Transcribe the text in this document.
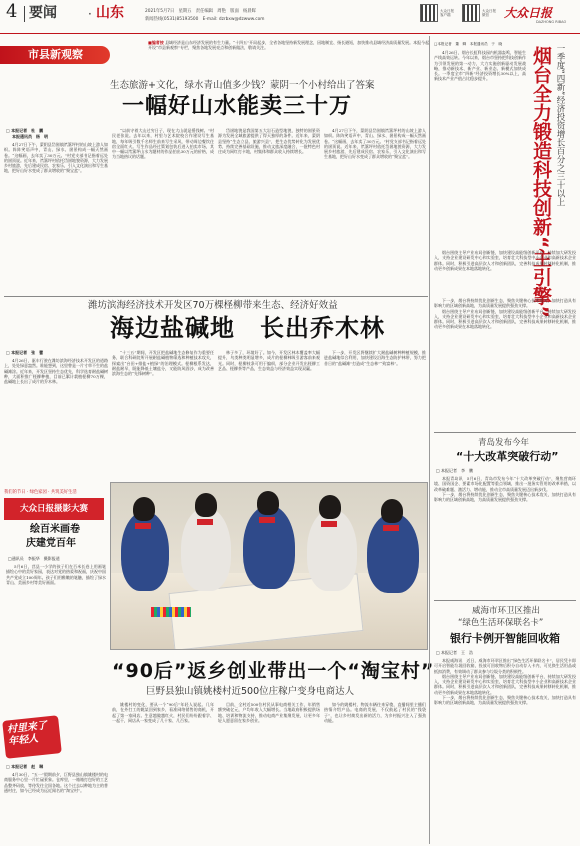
4 要闻	· 山东	2021年5月7日　星期五　责任编辑　周艳　版面　杨晨晖
新闻热线(0531)85193500　E-mail: dzrbxw@dzwww.com
大众日报
客户端
大众日报
微信	大众日报
DAZHONG RIBAO
市县新观察
■编者按 县域经济是山东经济发展的有生力量。“十四五”开局起步，全省各地坚持新发展理念，因地制宜、扬长避短，加快推动县域经济高质量发展。本报今起开设“市县新观察”专栏，聚焦各地发展亮点和创新做法，敬请关注。
生态旅游+文化，绿水青山值多少钱？蒙阴一个小村给出了答案
一幅好山水能卖三十万
□ 本报记者　杜　鹏
本报通讯员　杨　明

4月27日下午，蒙阴县岱崮镇笊篱坪村的山坡上游人如织。阵阵笑语声中，青山、绿水、崮景构成一幅天然画卷。“这幅画，去年卖了30万元。”村党支部书记指着远处的崮顶说。近年来，笊篱坪村依托岱崮地貌资源，大力发展乡村旅游，先后建成民宿、农家乐，引入文化演出和写生基地，把好山好水变成了群众增收的“聚宝盆”。

“以前守着大山过穷日子，现在大山就是摇钱树。”村民老张说。去年以来，村里与艺术院校合作建设写生基地，每年吸引数千名师生前来写生采风，带动周边餐饮住宿全面红火。写生作品经过策划包装后进入拍卖市场，其中一幅以笊篱坪山水为题材的作品拍出30万元的价格，成为当地热议的话题。

岱崮地貌是我国第五大岩石造型地貌，独特的崮景资源为发展全域旅游提供了得天独厚的条件。近年来，蒙阴县坚持“生态立县、旅游兴县”，把生态优势转化为发展优势，持续完善基础设施，推动文旅深度融合，一批特色村庄成为网红打卡地，村集体和群众收入持续增长。

4月27日下午，蒙阴县岱崮镇笊篱坪村的山坡上游人如织。阵阵笑语声中，青山、绿水、崮景构成一幅天然画卷。“这幅画，去年卖了30万元。”村党支部书记指着远处的崮顶说。近年来，笊篱坪村依托岱崮地貌资源，大力发展乡村旅游，先后建成民宿、农家乐，引入文化演出和写生基地，把好山好水变成了群众增收的“聚宝盆”。

潍坊滨海经济技术开发区70万棵柽柳带来生态、经济好效益
海边盐碱地　长出乔木林
□ 本报记者　张　蕾

4月26日，驱车行驶在潍坊滨海经济技术开发区的道路上，处处绿意盎然。谁能想到，这里曾是一片寸草不生的盐碱滩涂。近年来，开发区坚持生态优先，科学选育耐盐碱树种，大面积推广柽柳种植，目前已累计栽植柽柳70万棵，盐碱地上长出了成片的乔木林。

“十三五”期间，开发区把盐碱地生态修复作为重要任务，联合科研院所开展耐盐碱植物筛选和种植技术攻关，探索出“台田+排盐+植绿”的治理模式。柽柳根系发达，耐盐耐旱，既能降低土壤盐分，又能防风固沙，成为改善滨海生态的“先锋树种”。

林子多了，环境好了。如今，开发区林木覆盖率大幅提升，鸟类种类明显增多，成片的柽柳林吸引游客前来观光。同时，柽柳枝条可用于编织，部分企业开发出柽柳工艺品、柽柳茶等产品，生态效益与经济效益实现双赢。

下一步，开发区将继续扩大耐盐碱树种种植规模，推进盐碱地综合利用，加快建设沿海生态防护林带，努力把昔日的“盐碱滩”打造成“生态林”“致富林”。

我们的节日 · 绿色家园 · 共筑美好生活
大众日报摄影大赛
绘百米画卷
庆建党百年
□通讯员　李振华　摄影报道

5月6日，莒县一小学的孩子们在百米长卷上用画笔描绘心中的美好家园，表达对党的热爱和祝福，庆祝中国共产党成立100周年。孩子们用稚嫩的笔触，描绘了绿水青山、美丽乡村等美好画面。

“90后”返乡创业带出一个“淘宝村”
巨野县独山镇姚楼村近500位庄稼户变身电商达人
村里来了年轻人
□ 本报记者　赵　琳

4月30日，“五一”假期前夕，巨野县独山镇姚楼村的电商服务中心里一片忙碌景象。仓库里，一箱箱打包好的工艺品整齐码放，等待发往全国各地。这个过去以种地为主的普通村庄，如今已经成为远近闻名的“淘宝村”。

姚楼村的变化，要从一个“90后”年轻人说起。几年前，在外打工的姚某回到家乡，看准网络销售的商机，开起了第一家网店。生意越做越红火，村民们纷纷跟着学、一起干，网店从一家变成了几十家、几百家。

目前，全村近500位村民从事电商相关工作，年销售额突破亿元，户均年收入大幅增长。当地政府积极提供场地、培训和物流支持，推动电商产业集聚发展，让更多年轻人愿意留在家乡创业。

如今的姚楼村，物流车辆往来穿梭，直播间里主播们热情介绍产品。电商的发展，不仅鼓起了村民的“钱袋子”，也让乡村焕发出新的活力，为乡村振兴注入了强劲动能。

一季度“四新”经济投资增长百分之三十以上
烟台全力锻造科技创新“主引擎”
□本报记者　董　卿　本报通讯员　于　晓

4月26日，烟台长虹科技园内机器轰鸣，智能生产线高效运转。今年以来，烟台市坚持把科技创新作为引领发展的第一动力，大力实施创新驱动发展战略，推动新技术、新产业、新业态、新模式加快成长。一季度全市“四新”经济投资增长30%以上，高新技术产业产值占比稳步提升。

烟台围绕主导产业布局创新链，加快建设高能级创新平台，持续加大研发投入，支持企业建设研发中心和实验室，培育壮大科技型中小企业和高新技术企业群体。同时，积极引进高层次人才和创新团队，完善科技成果转移转化机制，推动更多创新成果在本地落地转化。

下一步，烟台将持续优化创新生态，聚焦关键核心技术攻关，加快打造具有影响力的区域创新高地，为高质量发展提供强劲支撑。

烟台围绕主导产业布局创新链，加快建设高能级创新平台，持续加大研发投入，支持企业建设研发中心和实验室，培育壮大科技型中小企业和高新技术企业群体。同时，积极引进高层次人才和创新团队，完善科技成果转移转化机制，推动更多创新成果在本地落地转化。

青岛发布今年
“十大改革突破行动”
□ 本报记者　李　鹏

本报青岛讯　5月6日，青岛市发布今年“十大改革突破行动”，聚焦营商环境、国资国企、要素市场化配置等重点领域，推出一批务实管用的改革举措，以改革破难题、激活力、增动能，推动全市高质量发展迈出新步伐。

下一步，烟台将持续优化创新生态，聚焦关键核心技术攻关，加快打造具有影响力的区域创新高地，为高质量发展提供强劲支撑。

威海市环卫区推出
“绿色生活环保联名卡”
银行卡例开智能回收箱
□ 本报记者　王　浩

本报威海讯　近日，威海市环翠区推出“绿色生活环保联名卡”，居民凭卡即可开启智能垃圾回收箱，投放可回收物后积分自动存入卡内，可兑换生活用品或抵扣消费，有效调动了群众参与垃圾分类的积极性。

烟台围绕主导产业布局创新链，加快建设高能级创新平台，持续加大研发投入，支持企业建设研发中心和实验室，培育壮大科技型中小企业和高新技术企业群体。同时，积极引进高层次人才和创新团队，完善科技成果转移转化机制，推动更多创新成果在本地落地转化。

下一步，烟台将持续优化创新生态，聚焦关键核心技术攻关，加快打造具有影响力的区域创新高地，为高质量发展提供强劲支撑。
